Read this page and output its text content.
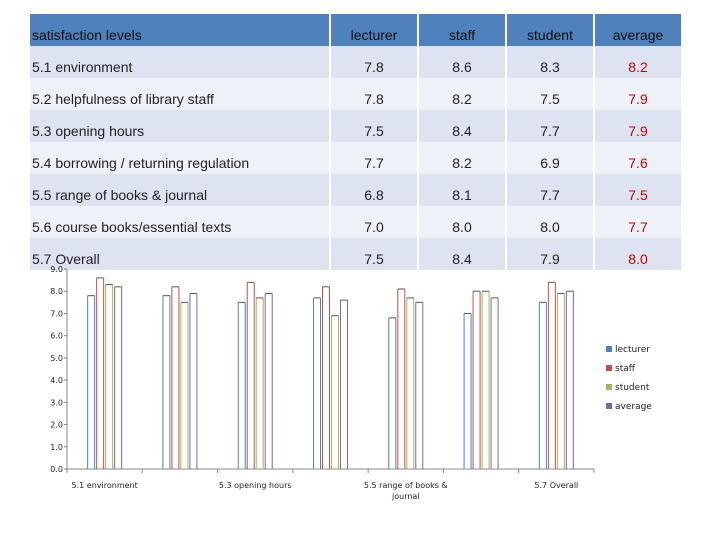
satisfaction levels	lecturer	staff	student	average
5.1 environment	7.8	8.6	8.3	8.2
5.2 helpfulness of library staff	7.8	8.2	7.5	7.9
5.3 opening hours	7.5	8.4	7.7	7.9
5.4 borrowing / returning regulation	7.7	8.2	6.9	7.6
5.5 range of books & journal	6.8	8.1	7.7	7.5
5.6 course books/essential texts	7.0	8.0	8.0	7.7
5.7 Overall	7.5	8.4	7.9	8.0
0.0
1.0
2.0
3.0
4.0
5.0
6.0
7.0
8.0
9.0
5.1 environment	5.3 opening hours	5.5 range of books &
journal
5.7 Overall
lecturer
staff
student
average
